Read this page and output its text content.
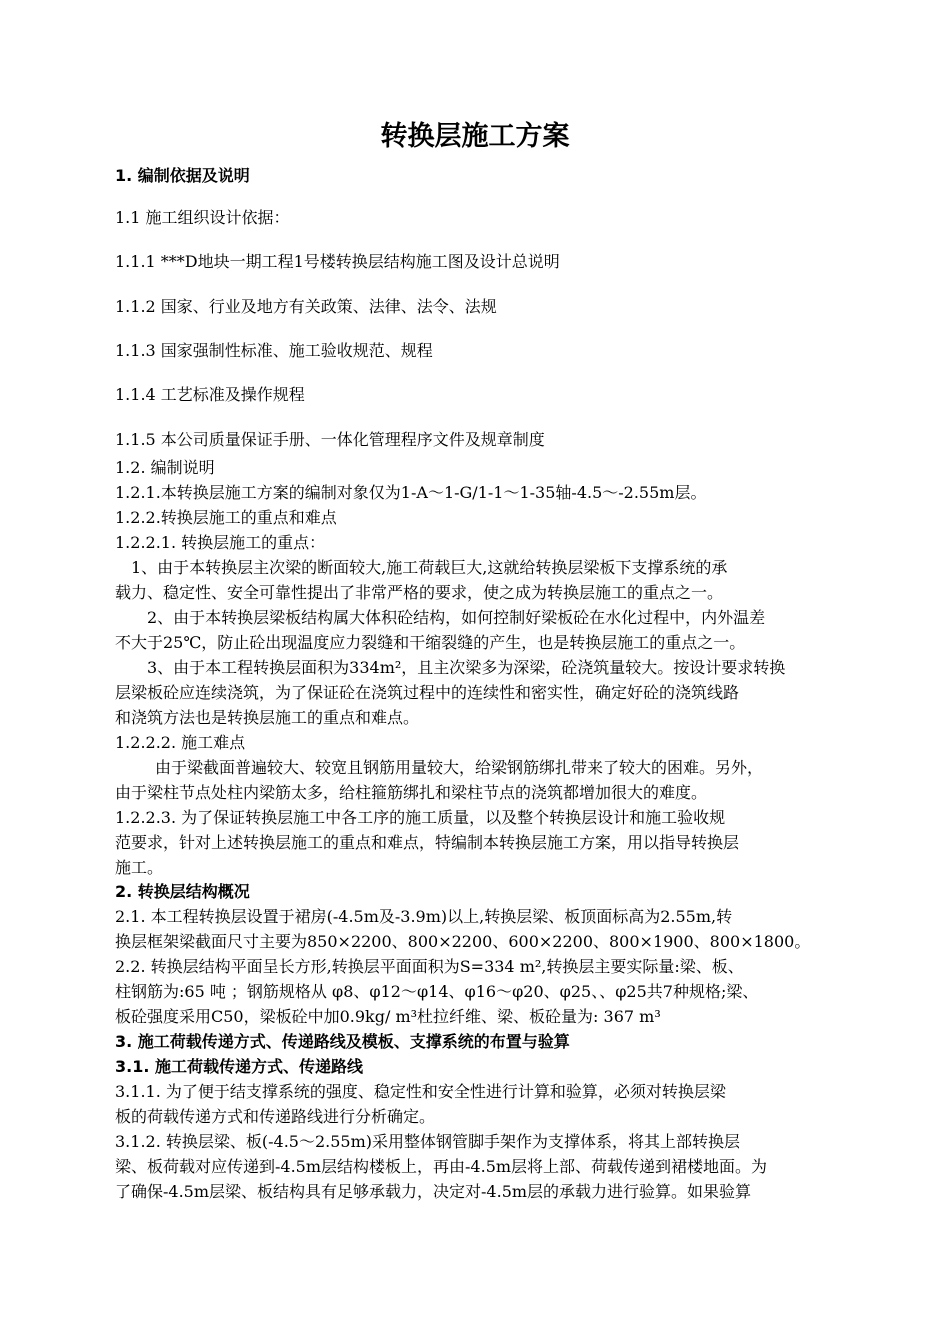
转换层施工方案
1. 编制依据及说明
1.1 施工组织设计依据：
1.1.1 ***D地块一期工程1号楼转换层结构施工图及设计总说明
1.1.2 国家、行业及地方有关政策、法律、法令、法规
1.1.3 国家强制性标准、施工验收规范、规程
1.1.4 工艺标准及操作规程
1.1.5 本公司质量保证手册、一体化管理程序文件及规章制度
1.2. 编制说明
1.2.1.本转换层施工方案的编制对象仅为1-A～1-G/1-1～1-35轴-4.5～-2.55m层。
1.2.2.转换层施工的重点和难点
1.2.2.1. 转换层施工的重点：
1、由于本转换层主次梁的断面较大,施工荷载巨大,这就给转换层梁板下支撑系统的承
载力、稳定性、安全可靠性提出了非常严格的要求，使之成为转换层施工的重点之一。
2、由于本转换层梁板结构属大体积砼结构，如何控制好梁板砼在水化过程中，内外温差
不大于25℃，防止砼出现温度应力裂缝和干缩裂缝的产生，也是转换层施工的重点之一。
3、由于本工程转换层面积为334m²，且主次梁多为深梁，砼浇筑量较大。按设计要求转换
层梁板砼应连续浇筑，为了保证砼在浇筑过程中的连续性和密实性，确定好砼的浇筑线路
和浇筑方法也是转换层施工的重点和难点。
1.2.2.2. 施工难点
由于梁截面普遍较大、较宽且钢筋用量较大，给梁钢筋绑扎带来了较大的困难。另外，
由于梁柱节点处柱内梁筋太多，给柱箍筋绑扎和梁柱节点的浇筑都增加很大的难度。
1.2.2.3. 为了保证转换层施工中各工序的施工质量，以及整个转换层设计和施工验收规
范要求，针对上述转换层施工的重点和难点，特编制本转换层施工方案，用以指导转换层
施工。
2. 转换层结构概况
2.1. 本工程转换层设置于裙房(-4.5m及-3.9m)以上,转换层梁、板顶面标高为2.55m,转
换层框架梁截面尺寸主要为850×2200、800×2200、600×2200、800×1900、800×1800。
2.2. 转换层结构平面呈长方形,转换层平面面积为S=334 m²,转换层主要实际量:梁、板、
柱钢筋为:65 吨 ；钢筋规格从 φ8、φ12～φ14、φ16～φ20、φ25、、φ25共7种规格;梁、
板砼强度采用C50，梁板砼中加0.9kg/ m³杜拉纤维、梁、板砼量为: 367 m³
3. 施工荷载传递方式、传递路线及模板、支撑系统的布置与验算
3.1. 施工荷载传递方式、传递路线
3.1.1. 为了便于结支撑系统的强度、稳定性和安全性进行计算和验算，必须对转换层梁
板的荷载传递方式和传递路线进行分析确定。
3.1.2. 转换层梁、板(-4.5～2.55m)采用整体钢管脚手架作为支撑体系，将其上部转换层
梁、板荷载对应传递到-4.5m层结构楼板上，再由-4.5m层将上部、荷载传递到裙楼地面。为
了确保-4.5m层梁、板结构具有足够承载力，决定对-4.5m层的承载力进行验算。如果验算
